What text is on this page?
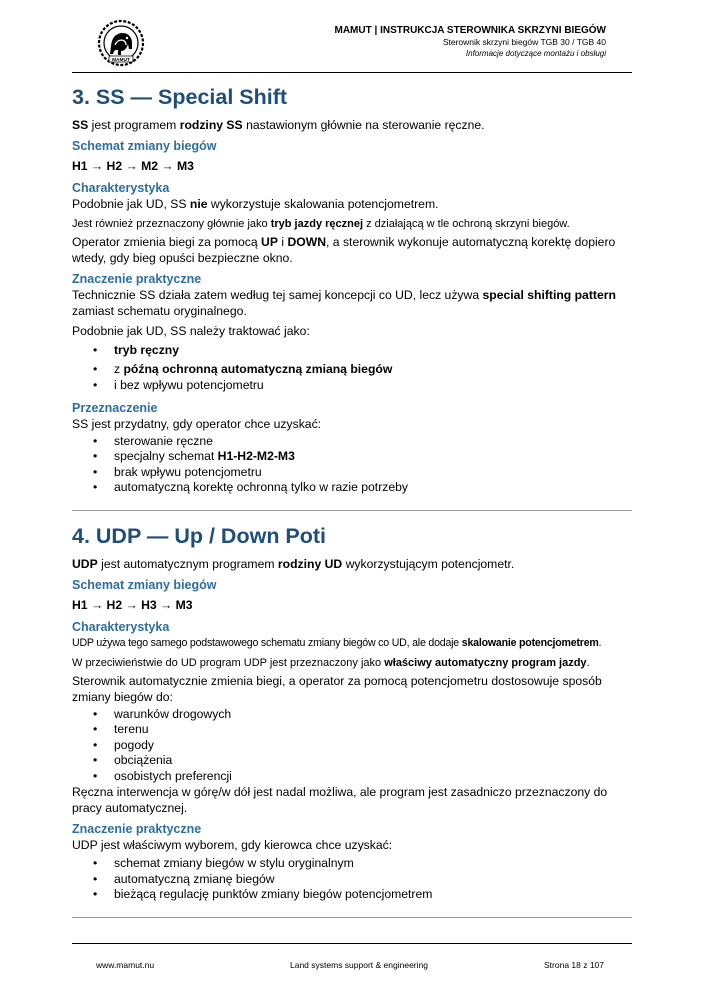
MAMUT
MAMUT | INSTRUKCJA STEROWNIKA SKRZYNI BIEGÓW
Sterownik skrzyni biegów TGB 30 / TGB 40
Informacje dotyczące montażu i obsługi
3. SS — Special Shift

SS jest programem rodziny SS nastawionym głównie na sterowanie ręczne.

Schemat zmiany biegów

H1 → H2 → M2 → M3

Charakterystyka

Podobnie jak UD, SS nie wykorzystuje skalowania potencjometrem.

Jest również przeznaczony głównie jako tryb jazdy ręcznej z działającą w tle ochroną skrzyni biegów.

Operator zmienia biegi za pomocą UP i DOWN, a sterownik wykonuje automatyczną korektę dopiero wtedy, gdy bieg opuści bezpieczne okno.

Znaczenie praktyczne

Technicznie SS działa zatem według tej samej koncepcji co UD, lecz używa special shifting pattern zamiast schematu oryginalnego.

Podobnie jak UD, SS należy traktować jako:

• tryb ręczny
• z późną ochronną automatyczną zmianą biegów
• i bez wpływu potencjometru
Przeznaczenie

SS jest przydatny, gdy operator chce uzyskać:

• sterowanie ręczne
• specjalny schemat H1-H2-M2-M3
• brak wpływu potencjometru
• automatyczną korektę ochronną tylko w razie potrzeby
4. UDP — Up / Down Poti

UDP jest automatycznym programem rodziny UD wykorzystującym potencjometr.

Schemat zmiany biegów

H1 → H2 → H3 → M3

Charakterystyka

UDP używa tego samego podstawowego schematu zmiany biegów co UD, ale dodaje skalowanie potencjometrem.

W przeciwieństwie do UD program UDP jest przeznaczony jako właściwy automatyczny program jazdy.

Sterownik automatycznie zmienia biegi, a operator za pomocą potencjometru dostosowuje sposób zmiany biegów do:

• warunków drogowych
• terenu
• pogody
• obciążenia
• osobistych preferencji

Ręczna interwencja w górę/w dół jest nadal możliwa, ale program jest zasadniczo przeznaczony do pracy automatycznej.

Znaczenie praktyczne

UDP jest właściwym wyborem, gdy kierowca chce uzyskać:

• schemat zmiany biegów w stylu oryginalnym
• automatyczną zmianę biegów
• bieżącą regulację punktów zmiany biegów potencjometrem
www.mamut.nu	Land systems support & engineering	Strona 18 z 107
